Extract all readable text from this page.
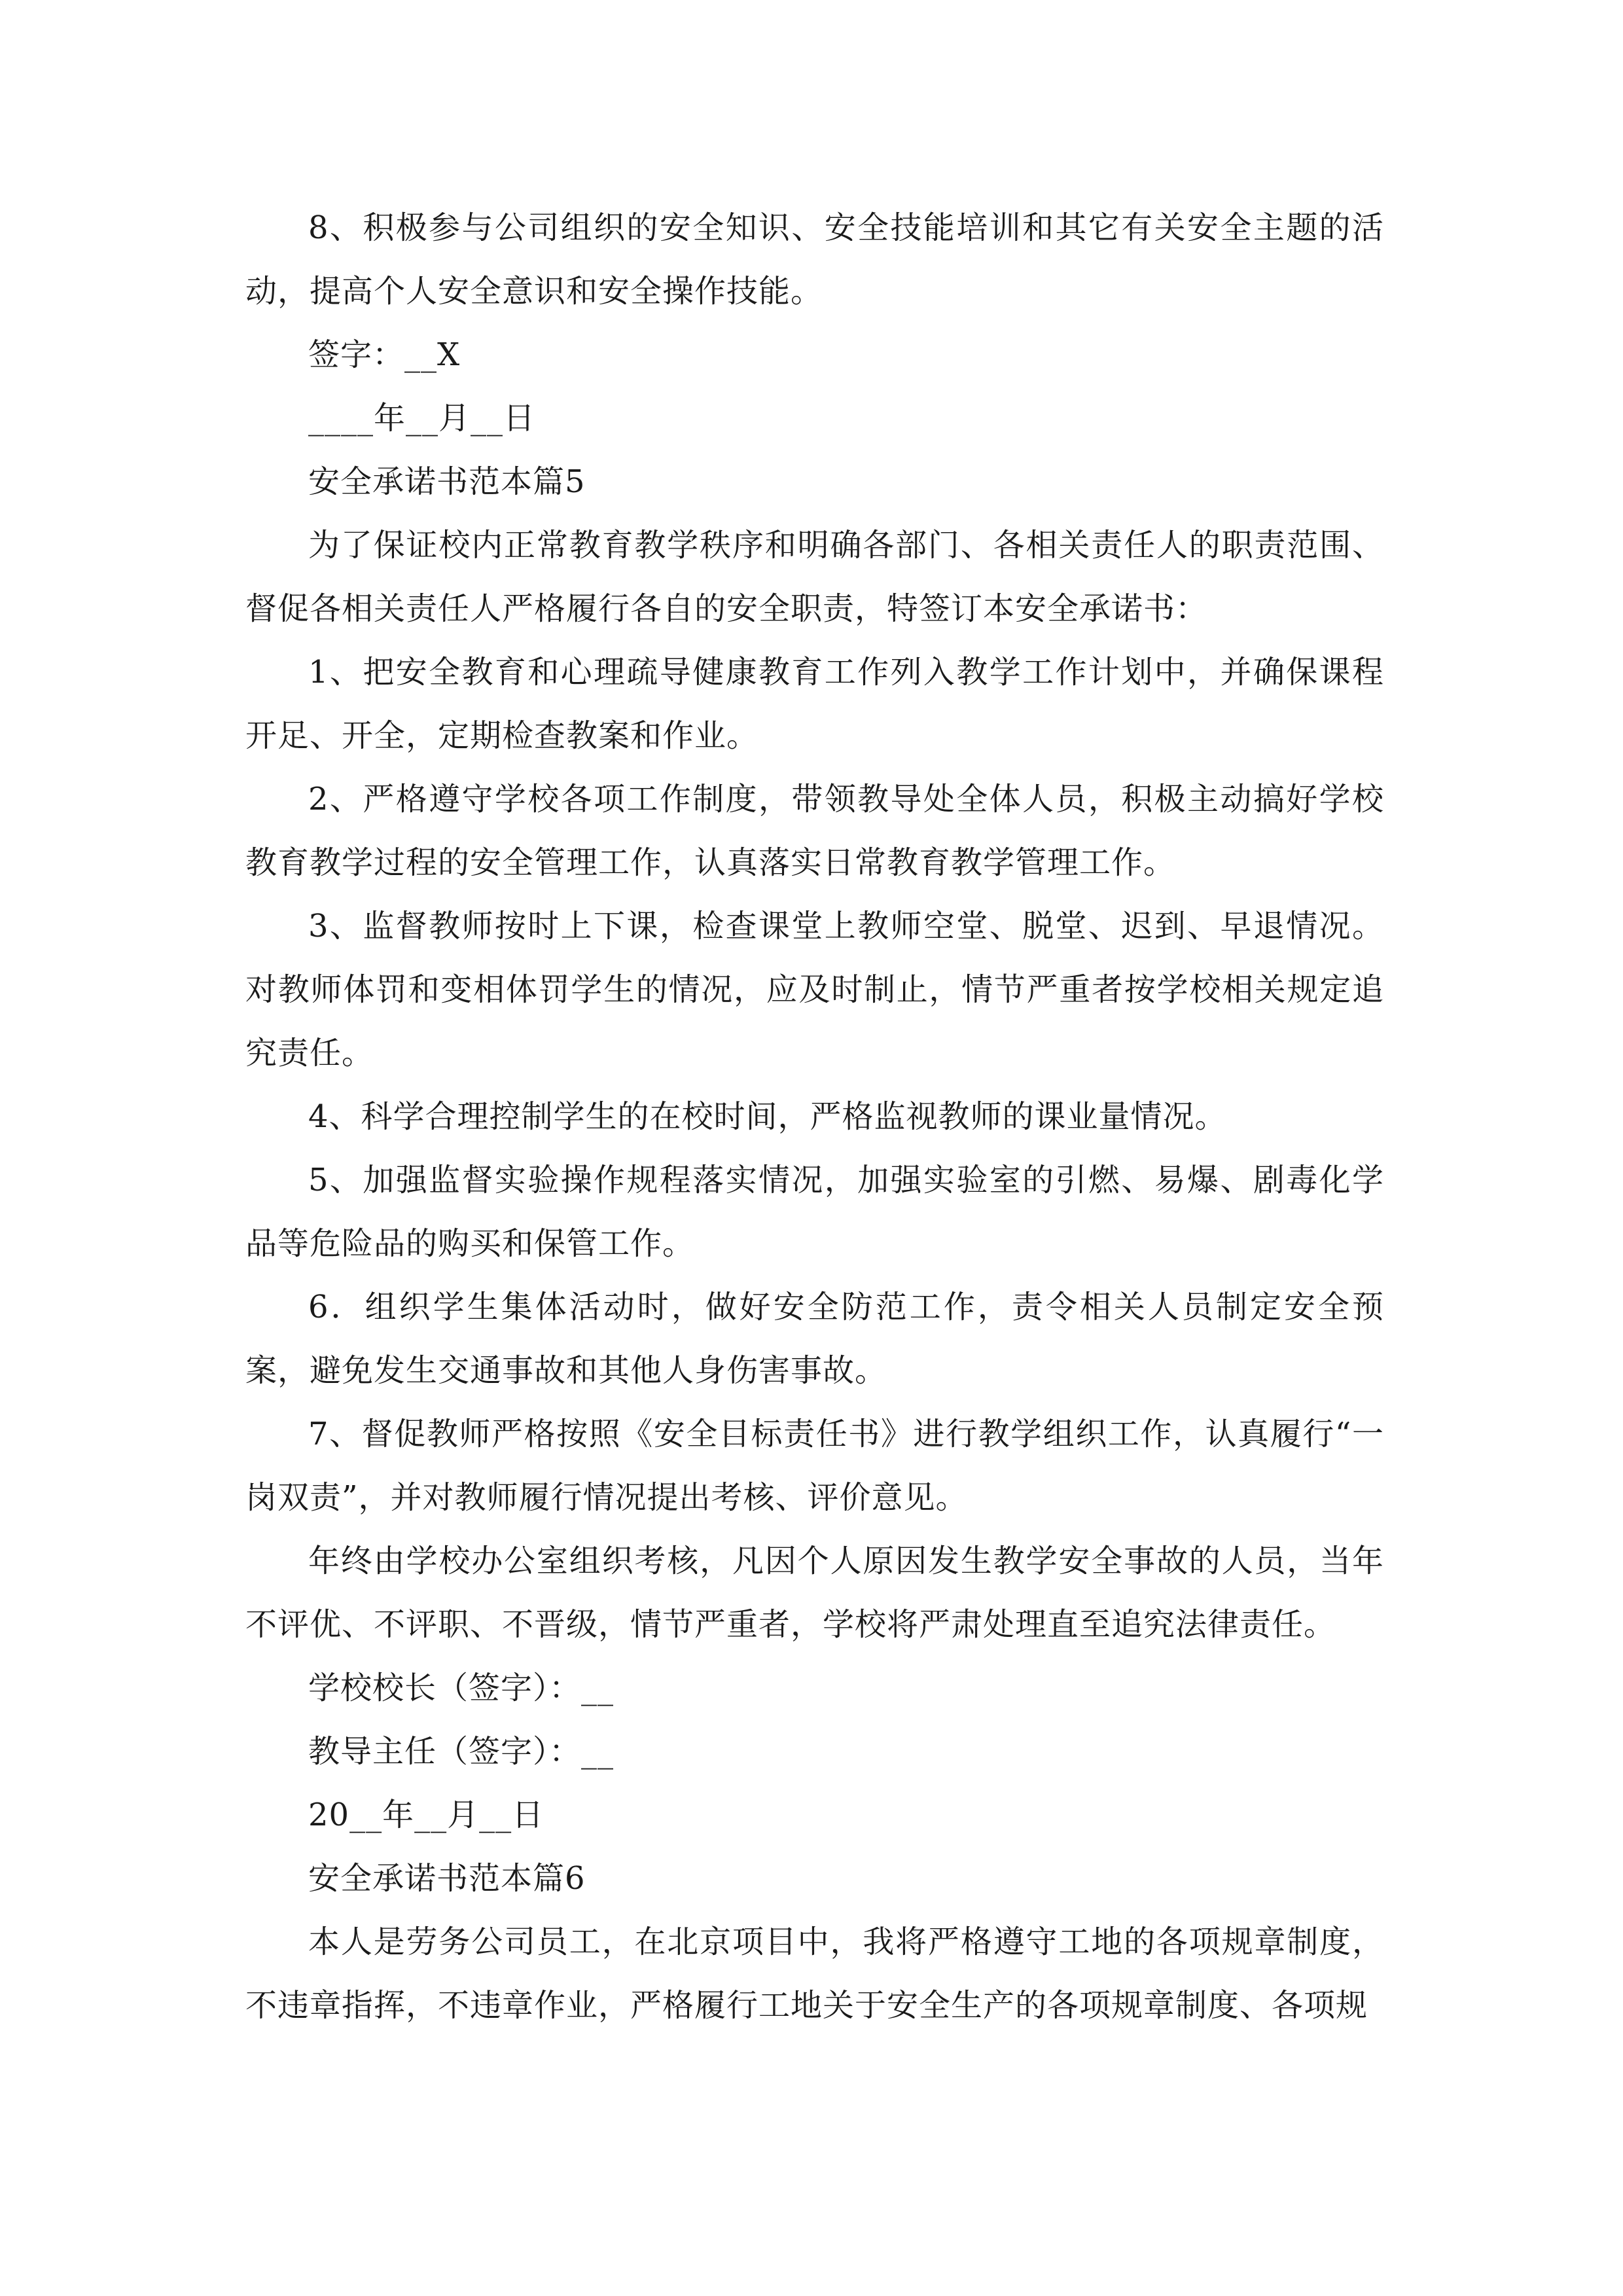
8、积极参与公司组织的安全知识、安全技能培训和其它有关安全主题的活动，提高个人安全意识和安全操作技能。

签字：__X

____年__月__日

安全承诺书范本篇5

为了保证校内正常教育教学秩序和明确各部门、各相关责任人的职责范围、督促各相关责任人严格履行各自的安全职责，特签订本安全承诺书：

1、把安全教育和心理疏导健康教育工作列入教学工作计划中，并确保课程开足、开全，定期检查教案和作业。

2、严格遵守学校各项工作制度，带领教导处全体人员，积极主动搞好学校教育教学过程的安全管理工作，认真落实日常教育教学管理工作。

3、监督教师按时上下课，检查课堂上教师空堂、脱堂、迟到、早退情况。对教师体罚和变相体罚学生的情况，应及时制止，情节严重者按学校相关规定追究责任。

4、科学合理控制学生的在校时间，严格监视教师的课业量情况。

5、加强监督实验操作规程落实情况，加强实验室的引燃、易爆、剧毒化学品等危险品的购买和保管工作。

6．组织学生集体活动时，做好安全防范工作，责令相关人员制定安全预案，避免发生交通事故和其他人身伤害事故。

7、督促教师严格按照《安全目标责任书》进行教学组织工作，认真履行“一岗双责”，并对教师履行情况提出考核、评价意见。

年终由学校办公室组织考核，凡因个人原因发生教学安全事故的人员，当年不评优、不评职、不晋级，情节严重者，学校将严肃处理直至追究法律责任。

学校校长（签字）：__

教导主任（签字）：__

20__年__月__日

安全承诺书范本篇6

本人是劳务公司员工，在北京项目中，我将严格遵守工地的各项规章制度，不违章指挥，不违章作业，严格履行工地关于安全生产的各项规章制度、各项规
